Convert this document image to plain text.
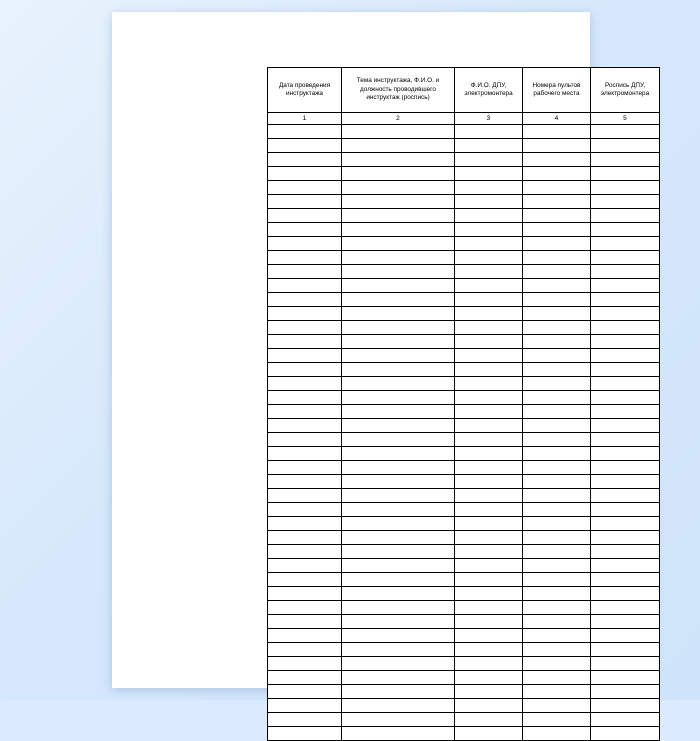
Дата проведения инструктажа	Тема инструктажа, Ф.И.О. и должность проводившего инструктаж (роспись)	Ф.И.О. ДПУ, электромонтера	Номера пультов рабочего места	Роспись ДПУ, электромонтера
1	2	3	4	5
